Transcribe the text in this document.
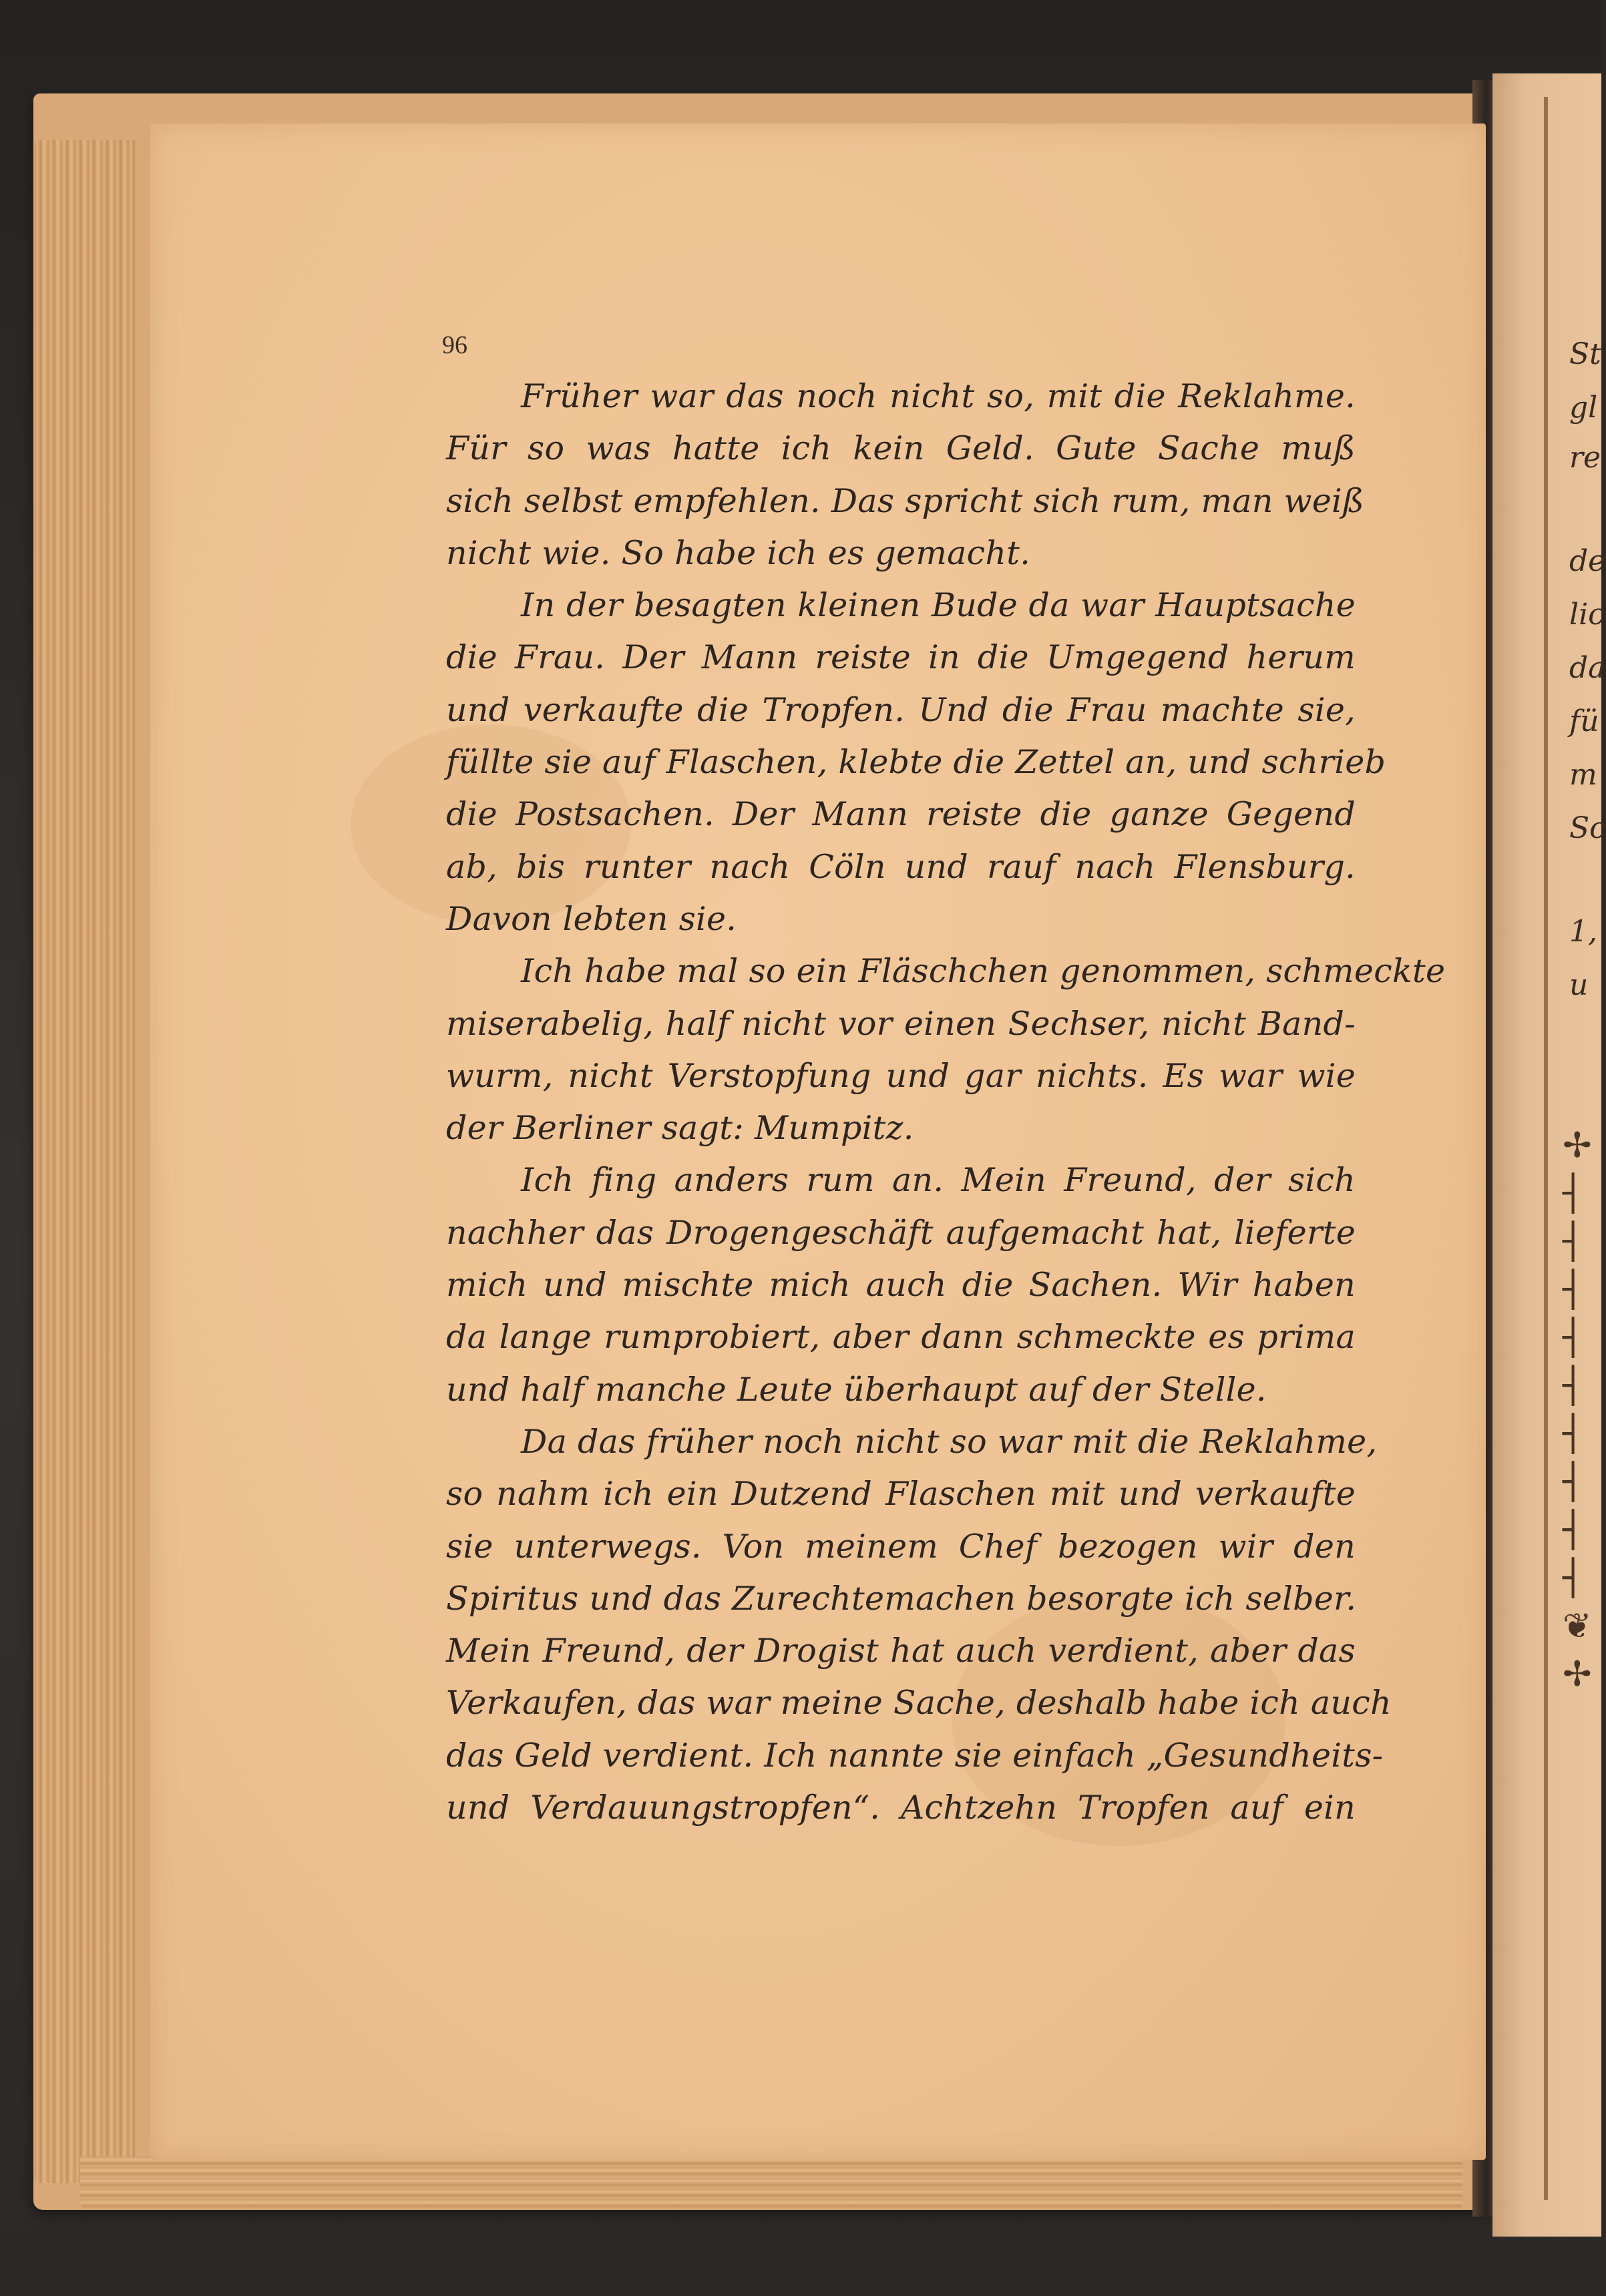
St
gl
re
de
lic
da
fü
m
Sc
1,
u
✢
┤
┤
┤
┤
┤
┤
┤
┤
┤
❦
✢
96
Früher war das noch nicht so, mit die Reklahme.
Für so was hatte ich kein Geld. Gute Sache muß
sich selbst empfehlen. Das spricht sich rum, man weiß
nicht wie. So habe ich es gemacht.
In der besagten kleinen Bude da war Hauptsache
die Frau. Der Mann reiste in die Umgegend herum
und verkaufte die Tropfen. Und die Frau machte sie,
füllte sie auf Flaschen, klebte die Zettel an, und schrieb
die Postsachen. Der Mann reiste die ganze Gegend
ab, bis runter nach Cöln und rauf nach Flensburg.
Davon lebten sie.
Ich habe mal so ein Fläschchen genommen, schmeckte
miserabelig, half nicht vor einen Sechser, nicht Band-
wurm, nicht Verstopfung und gar nichts. Es war wie
der Berliner sagt: Mumpitz.
Ich fing anders rum an. Mein Freund, der sich
nachher das Drogengeschäft aufgemacht hat, lieferte
mich und mischte mich auch die Sachen. Wir haben
da lange rumprobiert, aber dann schmeckte es prima
und half manche Leute überhaupt auf der Stelle.
Da das früher noch nicht so war mit die Reklahme,
so nahm ich ein Dutzend Flaschen mit und verkaufte
sie unterwegs. Von meinem Chef bezogen wir den
Spiritus und das Zurechtemachen besorgte ich selber.
Mein Freund, der Drogist hat auch verdient, aber das
Verkaufen, das war meine Sache, deshalb habe ich auch
das Geld verdient. Ich nannte sie einfach „Gesundheits-
und Verdauungstropfen“. Achtzehn Tropfen auf ein
